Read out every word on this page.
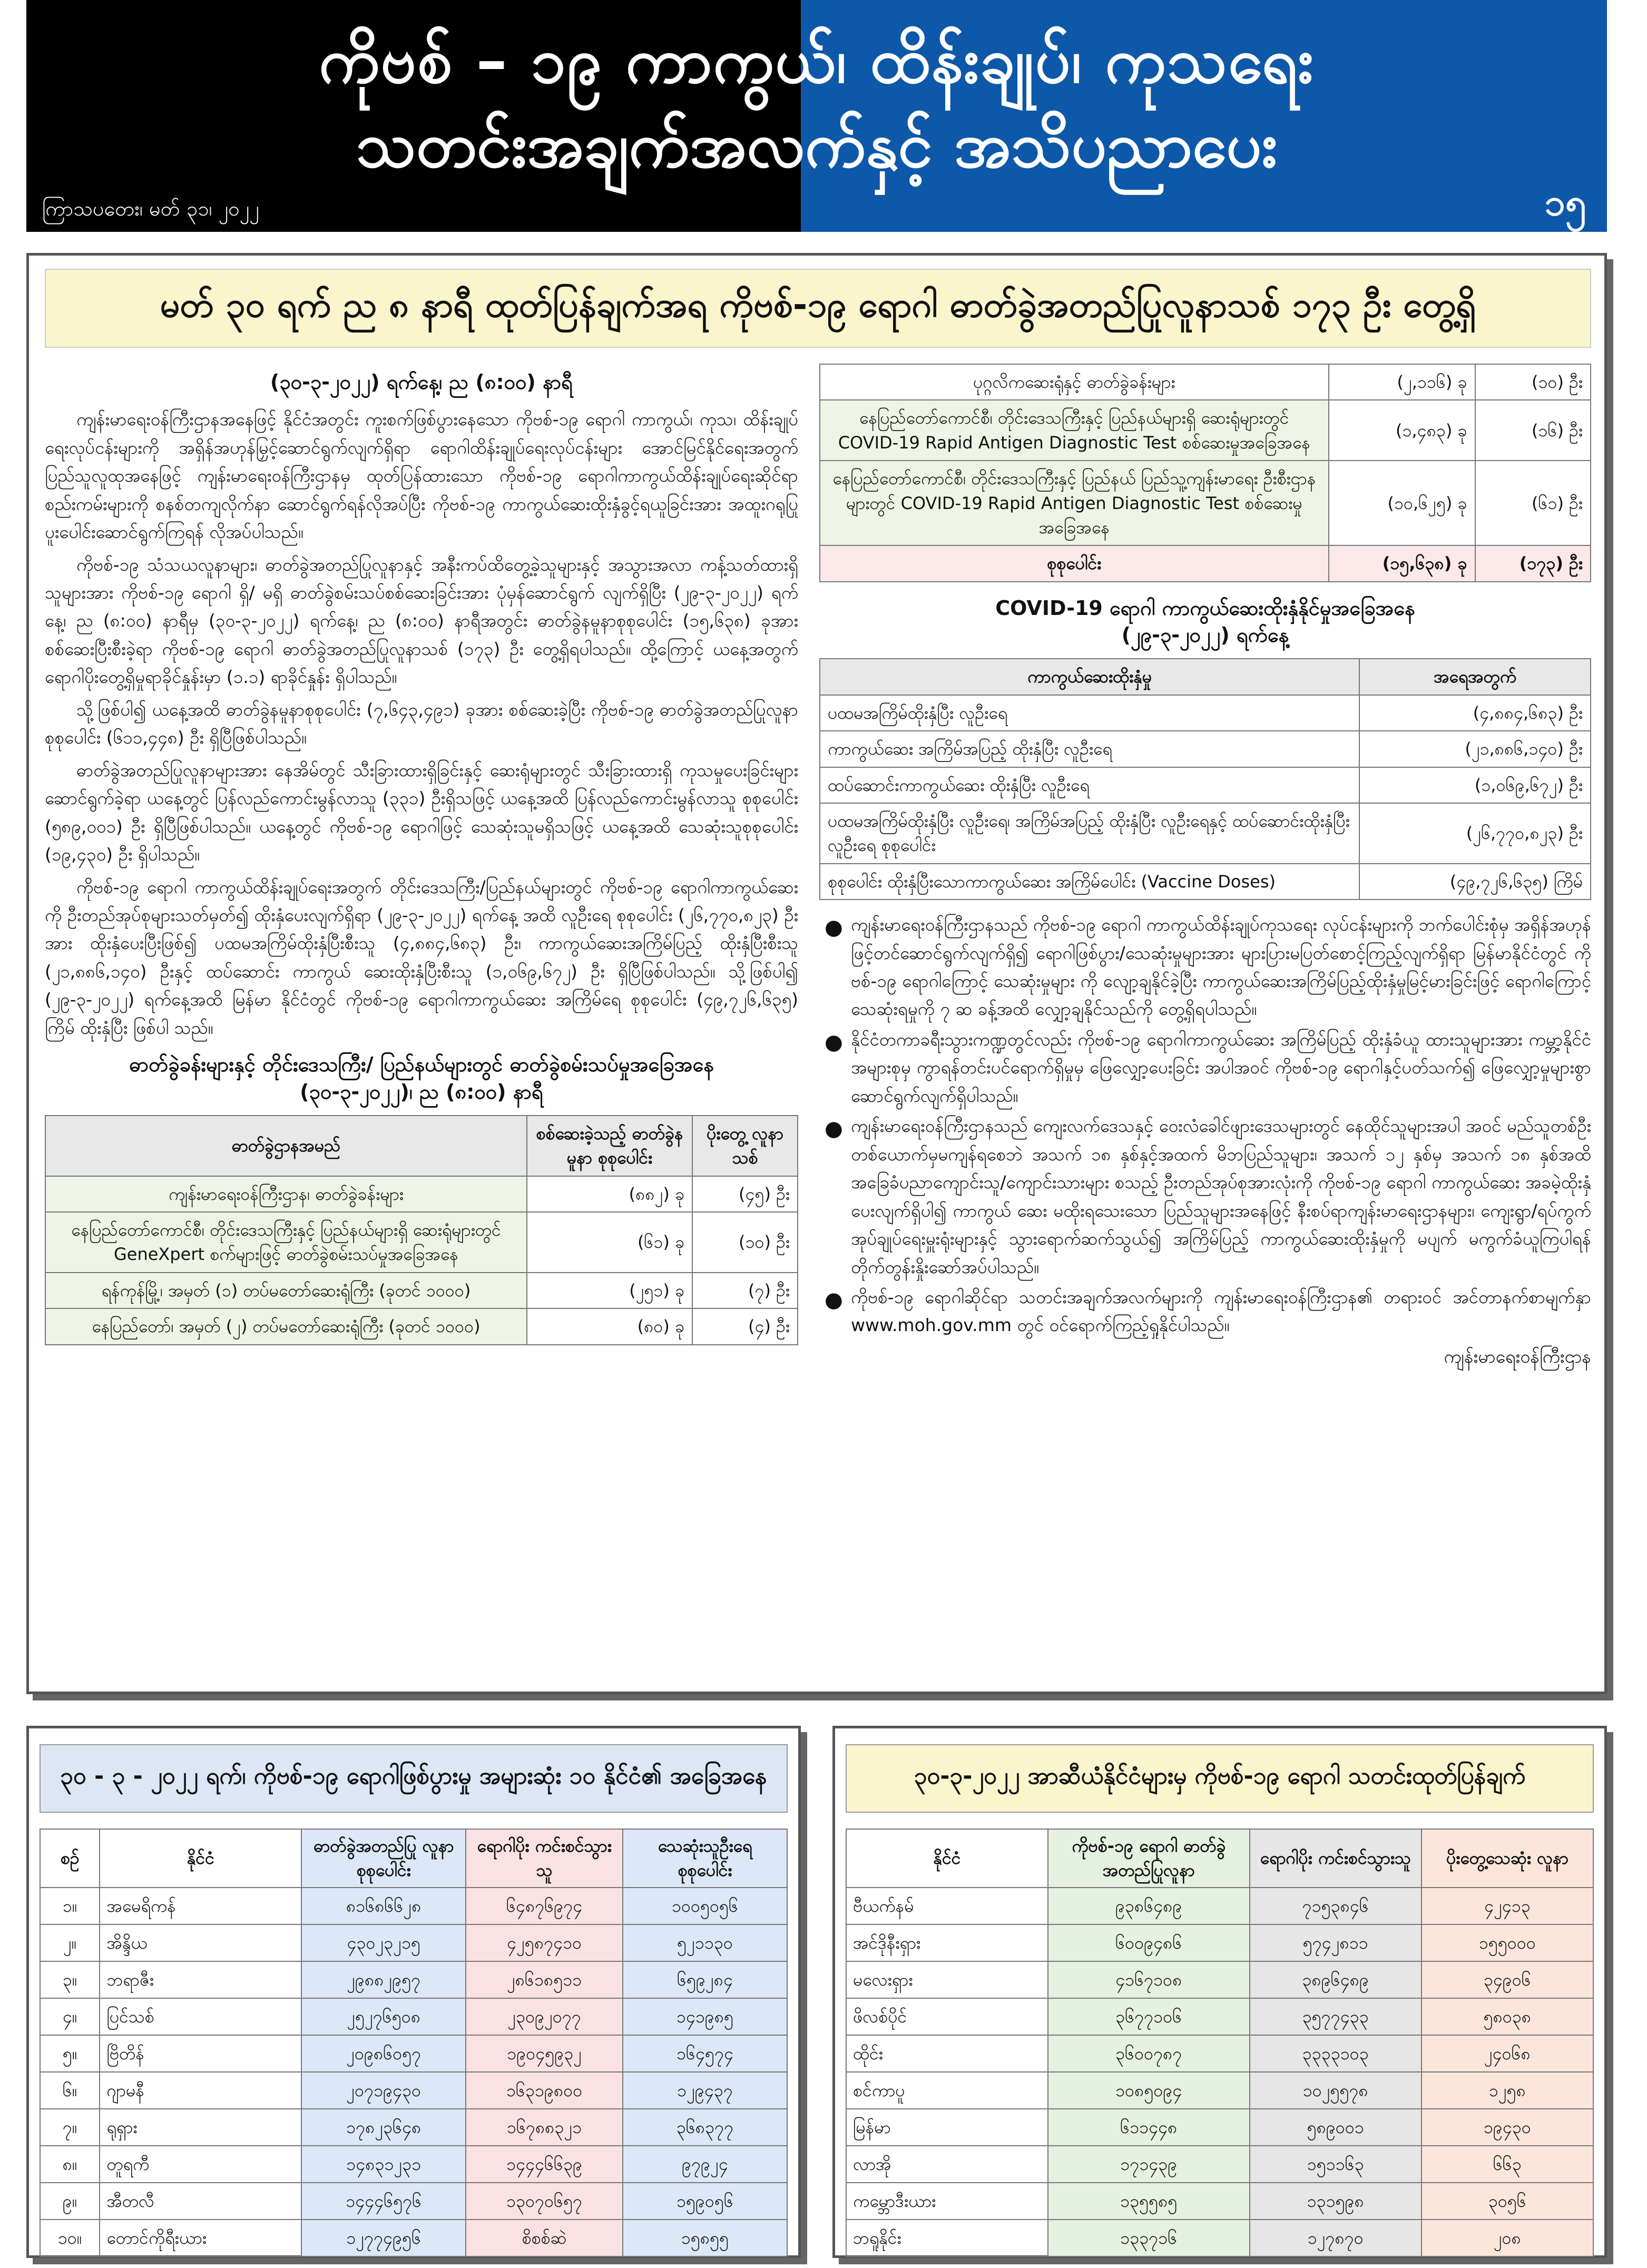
ကိုဗစ် – ၁၉ ကာကွယ်၊ ထိန်းချုပ်၊ ကုသရေး
သတင်းအချက်အလက်နှင့် အသိပညာပေး
ကြာသပတေး၊ မတ် ၃၁၊ ၂၀၂၂	၁၅
မတ် ၃၀ ရက် ည ၈ နာရီ ထုတ်ပြန်ချက်အရ ကိုဗစ်-၁၉ ရောဂါ ဓာတ်ခွဲအတည်ပြုလူနာသစ် ၁၇၃ ဦး တွေ့ရှိ
(၃၀-၃-၂၀၂၂) ရက်နေ့၊ ည (၈:၀၀) နာရီ

ကျန်းမာရေးဝန်ကြီးဌာနအနေဖြင့် နိုင်ငံအတွင်း ကူးစက်ဖြစ်ပွားနေသော ကိုဗစ်-၁၉ ရောဂါ ကာကွယ်၊ ကုသ၊ ထိန်းချုပ်ရေးလုပ်ငန်းများကို အရှိန်အဟုန်မြှင့်ဆောင်ရွက်လျက်ရှိရာ ရောဂါထိန်းချုပ်ရေးလုပ်ငန်းများ အောင်မြင်နိုင်ရေးအတွက် ပြည်သူလူထုအနေဖြင့် ကျန်းမာရေးဝန်ကြီးဌာနမှ ထုတ်ပြန်ထားသော ကိုဗစ်-၁၉ ရောဂါကာကွယ်ထိန်းချုပ်ရေးဆိုင်ရာ စည်းကမ်းများကို စနစ်တကျလိုက်နာ ဆောင်ရွက်ရန်လိုအပ်ပြီး ကိုဗစ်-၁၉ ကာကွယ်ဆေးထိုးနှံခွင့်ရယူခြင်းအား အထူးဂရုပြု ပူးပေါင်းဆောင်ရွက်ကြရန် လိုအပ်ပါသည်။

ကိုဗစ်-၁၉ သံသယလူနာများ၊ ဓာတ်ခွဲအတည်ပြုလူနာနှင့် အနီးကပ်ထိတွေ့ခဲ့သူများနှင့် အသွားအလာ ကန့်သတ်ထားရှိသူများအား ကိုဗစ်-၁၉ ရောဂါ ရှိ/ မရှိ ဓာတ်ခွဲစမ်းသပ်စစ်ဆေးခြင်းအား ပုံမှန်ဆောင်ရွက် လျက်ရှိပြီး (၂၉-၃-၂၀၂၂) ရက်နေ့၊ ည (၈:၀၀) နာရီမှ (၃၀-၃-၂၀၂၂) ရက်နေ့၊ ည (၈:၀၀) နာရီအတွင်း ဓာတ်ခွဲနမူနာစုစုပေါင်း (၁၅,၆၃၈) ခုအား စစ်ဆေးပြီးစီးခဲ့ရာ ကိုဗစ်-၁၉ ရောဂါ ဓာတ်ခွဲအတည်ပြုလူနာသစ် (၁၇၃) ဦး တွေ့ရှိရပါသည်။ ထို့ကြောင့် ယနေ့အတွက် ရောဂါပိုးတွေ့ရှိမှုရာခိုင်နှုန်းမှာ (၁.၁) ရာခိုင်နှုန်း ရှိပါသည်။

သို့ဖြစ်ပါ၍ ယနေ့အထိ ဓာတ်ခွဲနမူနာစုစုပေါင်း (၇,၆၄၃,၄၉၁) ခုအား စစ်ဆေးခဲ့ပြီး ကိုဗစ်-၁၉ ဓာတ်ခွဲအတည်ပြုလူနာ စုစုပေါင်း (၆၁၁,၄၄၈) ဦး ရှိပြီဖြစ်ပါသည်။

ဓာတ်ခွဲအတည်ပြုလူနာများအား နေအိမ်တွင် သီးခြားထားရှိခြင်းနှင့် ဆေးရုံများတွင် သီးခြားထားရှိ ကုသမှုပေးခြင်းများ ဆောင်ရွက်ခဲ့ရာ ယနေ့တွင် ပြန်လည်ကောင်းမွန်လာသူ (၃၃၁) ဦးရှိသဖြင့် ယနေ့အထိ ပြန်လည်ကောင်းမွန်လာသူ စုစုပေါင်း (၅၈၉,၀၀၁) ဦး ရှိပြီဖြစ်ပါသည်။ ယနေ့တွင် ကိုဗစ်-၁၉ ရောဂါဖြင့် သေဆုံးသူမရှိသဖြင့် ယနေ့အထိ သေဆုံးသူစုစုပေါင်း (၁၉,၄၃၀) ဦး ရှိပါသည်။

ကိုဗစ်-၁၉ ရောဂါ ကာကွယ်ထိန်းချုပ်ရေးအတွက် တိုင်းဒေသကြီး/ပြည်နယ်များတွင် ကိုဗစ်-၁၉ ရောဂါကာကွယ်ဆေးကို ဦးတည်အုပ်စုများသတ်မှတ်၍ ထိုးနှံပေးလျက်ရှိရာ (၂၉-၃-၂၀၂၂) ရက်နေ့ အထိ လူဦးရေ စုစုပေါင်း (၂၆,၇၇၀,၈၂၃) ဦးအား ထိုးနှံပေးပြီးဖြစ်၍ ပထမအကြိမ်ထိုးနှံပြီးစီးသူ (၄,၈၈၄,၆၈၃) ဦး၊ ကာကွယ်ဆေးအကြိမ်ပြည့် ထိုးနှံပြီးစီးသူ (၂၁,၈၈၆,၁၄၀) ဦးနှင့် ထပ်ဆောင်း ကာကွယ် ဆေးထိုးနှံပြီးစီးသူ (၁,၀၆၉,၆၇၂) ဦး ရှိပြီဖြစ်ပါသည်။ သို့ဖြစ်ပါ၍ (၂၉-၃-၂၀၂၂) ရက်နေ့အထိ မြန်မာ နိုင်ငံတွင် ကိုဗစ်-၁၉ ရောဂါကာကွယ်ဆေး အကြိမ်ရေ စုစုပေါင်း (၄၉,၇၂၆,၆၃၅) ကြိမ် ထိုးနှံပြီး ဖြစ်ပါ သည်။

ဓာတ်ခွဲခန်းများနှင့် တိုင်းဒေသကြီး/ ပြည်နယ်များတွင် ဓာတ်ခွဲစမ်းသပ်မှုအခြေအနေ
(၃၀-၃-၂၀၂၂)၊ ည (၈:၀၀) နာရီ
ဓာတ်ခွဲဌာနအမည်	စစ်ဆေးခဲ့သည့် ဓာတ်ခွဲနမူနာ စုစုပေါင်း	ပိုးတွေ့ လူနာသစ်
ကျန်းမာရေးဝန်ကြီးဌာန၊ ဓာတ်ခွဲခန်းများ	(၈၈၂) ခု	(၄၅) ဦး
နေပြည်တော်ကောင်စီ၊ တိုင်းဒေသကြီးနှင့် ပြည်နယ်များရှိ ဆေးရုံများတွင် GeneXpert စက်များဖြင့် ဓာတ်ခွဲစမ်းသပ်မှုအခြေအနေ	(၆၁) ခု	(၁၀) ဦး
ရန်ကုန်မြို့၊ အမှတ် (၁) တပ်မတော်ဆေးရုံကြီး (ခုတင် ၁၀၀၀)	(၂၅၁) ခု	(၇) ဦး
နေပြည်တော်၊ အမှတ် (၂) တပ်မတော်ဆေးရုံကြီး (ခုတင် ၁၀၀၀)	(၈၀) ခု	(၄) ဦး
ပုဂ္ဂလိကဆေးရုံနှင့် ဓာတ်ခွဲခန်းများ	(၂,၁၁၆) ခု	(၁၀) ဦး
နေပြည်တော်ကောင်စီ၊ တိုင်းဒေသကြီးနှင့် ပြည်နယ်များရှိ ဆေးရုံများတွင် COVID-19 Rapid Antigen Diagnostic Test စစ်ဆေးမှုအခြေအနေ	(၁,၄၈၃) ခု	(၁၆) ဦး
နေပြည်တော်ကောင်စီ၊ တိုင်းဒေသကြီးနှင့် ပြည်နယ် ပြည်သူ့ကျန်းမာရေး ဦးစီးဌာနများတွင် COVID-19 Rapid Antigen Diagnostic Test စစ်ဆေးမှုအခြေအနေ	(၁၀,၆၂၅) ခု	(၆၁) ဦး
စုစုပေါင်း	(၁၅,၆၃၈) ခု	(၁၇၃) ဦး
COVID-19 ရောဂါ ကာကွယ်ဆေးထိုးနှံနိုင်မှုအခြေအနေ
(၂၉-၃-၂၀၂၂) ရက်နေ့
ကာကွယ်ဆေးထိုးနှံမှု	အရေအတွက်
ပထမအကြိမ်ထိုးနှံပြီး လူဦးရေ	(၄,၈၈၄,၆၈၃) ဦး
ကာကွယ်ဆေး အကြိမ်အပြည့် ထိုးနှံပြီး လူဦးရေ	(၂၁,၈၈၆,၁၄၀) ဦး
ထပ်ဆောင်းကာကွယ်ဆေး ထိုးနှံပြီး လူဦးရေ	(၁,၀၆၉,၆၇၂) ဦး
ပထမအကြိမ်ထိုးနှံပြီး လူဦးရေ၊ အကြိမ်အပြည့် ထိုးနှံပြီး လူဦးရေနှင့် ထပ်ဆောင်းထိုးနှံပြီး လူဦးရေ စုစုပေါင်း	(၂၆,၇၇၀,၈၂၃) ဦး
စုစုပေါင်း ထိုးနှံပြီးသောကာကွယ်ဆေး အကြိမ်ပေါင်း (Vaccine Doses)	(၄၉,၇၂၆,၆၃၅) ကြိမ်
● ကျန်းမာရေးဝန်ကြီးဌာနသည် ကိုဗစ်-၁၉ ရောဂါ ကာကွယ်ထိန်းချုပ်ကုသရေး လုပ်ငန်းများကို ဘက်ပေါင်းစုံမှ အရှိန်အဟုန်ဖြင့်တင်ဆောင်ရွက်လျက်ရှိ၍ ရောဂါဖြစ်ပွား/သေဆုံးမှုများအား များပြားမပြတ်စောင့်ကြည့်လျက်ရှိရာ မြန်မာနိုင်ငံတွင် ကိုဗစ်-၁၉ ရောဂါကြောင့် သေဆုံးမှုများ ကို လျော့ချနိုင်ခဲ့ပြီး ကာကွယ်ဆေးအကြိမ်ပြည့်ထိုးနှံမှုမြင့်မားခြင်းဖြင့် ရောဂါကြောင့် သေဆုံးရမှုကို ၇ ဆ ခန့်အထိ လျှော့ချနိုင်သည်ကို တွေ့ရှိရပါသည်။
● နိုင်ငံတကာခရီးသွားကဏ္ဍတွင်လည်း ကိုဗစ်-၁၉ ရောဂါကာကွယ်ဆေး အကြိမ်ပြည့် ထိုးနှံခံယူ ထားသူများအား ကမ္ဘာ့နိုင်ငံအများစုမှ ကွာရန်တင်းပင်ရောက်ရှိမှုမှ ဖြေလျှော့ပေးခြင်း အပါအဝင် ကိုဗစ်-၁၉ ရောဂါနှင့်ပတ်သက်၍ ဖြေလျှော့မှုများစွာ ဆောင်ရွက်လျက်ရှိပါသည်။
● ကျန်းမာရေးဝန်ကြီးဌာနသည် ကျေးလက်ဒေသနှင့် ဝေးလံခေါင်ဖျားဒေသများတွင် နေထိုင်သူများအပါ အဝင် မည်သူတစ်ဦးတစ်ယောက်မှမကျန်ရစေဘဲ အသက် ၁၈ နှစ်နှင့်အထက် မိဘပြည်သူများ၊ အသက် ၁၂ နှစ်မှ အသက် ၁၈ နှစ်အထိ အခြေခံပညာကျောင်းသူ/ကျောင်းသားများ စသည့် ဦးတည်အုပ်စုအားလုံးကို ကိုဗစ်-၁၉ ရောဂါ ကာကွယ်ဆေး အခမဲ့ထိုးနှံပေးလျက်ရှိပါ၍ ကာကွယ် ဆေး မထိုးရသေးသော ပြည်သူများအနေဖြင့် နီးစပ်ရာကျန်းမာရေးဌာနများ၊ ကျေးရွာ/ရပ်ကွက် အုပ်ချုပ်ရေးမှူးရုံးများနှင့် သွားရောက်ဆက်သွယ်၍ အကြိမ်ပြည့် ကာကွယ်ဆေးထိုးနှံမှုကို မပျက် မကွက်ခံယူကြပါရန် တိုက်တွန်းနှိုးဆော်အပ်ပါသည်။
● ကိုဗစ်-၁၉ ရောဂါဆိုင်ရာ သတင်းအချက်အလက်များကို ကျန်းမာရေးဝန်ကြီးဌာန၏ တရားဝင် အင်တာနက်စာမျက်နှာ www.moh.gov.mm တွင် ဝင်ရောက်ကြည့်ရှုနိုင်ပါသည်။
ကျန်းမာရေးဝန်ကြီးဌာန
၃၀ - ၃ - ၂၀၂၂ ရက်၊ ကိုဗစ်-၁၉ ရောဂါဖြစ်ပွားမှု အများဆုံး ၁၀ နိုင်ငံ၏ အခြေအနေ
စဉ်	နိုင်ငံ	ဓာတ်ခွဲအတည်ပြု လူနာ စုစုပေါင်း	ရောဂါပိုး ကင်းစင်သွားသူ	သေဆုံးသူဦးရေ စုစုပေါင်း
၁။	အမေရိကန်	၈၁၆၈၆၆၂၈	၆၄၈၇၆၉၇၄	၁၀၀၅၀၅၆
၂။	အိန္ဒိယ	၄၃၀၂၃၂၁၅	၄၂၅၈၇၄၁၀	၅၂၁၁၃၀
၃။	ဘရာဇီး	၂၉၈၈၂၉၅၇	၂၈၆၁၈၅၁၁	၆၅၉၂၈၄
၄။	ပြင်သစ်	၂၅၂၇၆၅၀၈	၂၃၀၉၂၀၇၇	၁၄၁၉၈၅
၅။	ဗြိတိန်	၂၀၉၈၆၀၅၇	၁၉၀၄၅၉၃၂	၁၆၄၅၇၄
၆။	ဂျာမနီ	၂၀၇၁၉၄၃၀	၁၆၃၁၉၈၀၀	၁၂၉၄၃၇
၇။	ရုရှား	၁၇၈၂၃၆၄၈	၁၆၇၈၈၃၂၁	၃၆၈၃၇၇
၈။	တူရကီ	၁၄၈၃၁၂၃၁	၁၄၄၄၆၆၃၉	၉၇၉၂၄
၉။	အီတလီ	၁၄၄၄၆၅၇၆	၁၃၀၇၀၆၅၇	၁၅၉၀၅၆
၁၀။	တောင်ကိုရီးယား	၁၂၇၇၄၉၅၆	စိစစ်ဆဲ	၁၅၈၅၅
၃၀-၃-၂၀၂၂ အာဆီယံနိုင်ငံများမှ ကိုဗစ်-၁၉ ရောဂါ သတင်းထုတ်ပြန်ချက်
နိုင်ငံ	ကိုဗစ်-၁၉ ရောဂါ ဓာတ်ခွဲအတည်ပြုလူနာ	ရောဂါပိုး ကင်းစင်သွားသူ	ပိုးတွေ့သေဆုံး လူနာ
ဗီယက်နမ်	၉၃၈၆၄၈၉	၇၁၅၃၈၄၆	၄၂၄၁၃
အင်ဒိုနီးရှား	၆၀၀၉၄၈၆	၅၇၄၂၈၁၁	၁၅၅၀၀၀
မလေးရှား	၄၁၆၇၁၀၈	၃၈၉၆၄၈၉	၃၄၉၀၆
ဖိလစ်ပိုင်	၃၆၇၇၁၀၆	၃၅၇၇၄၃၃	၅၈၀၃၈
ထိုင်း	၃၆၀၀၇၈၇	၃၃၃၃၁၀၃	၂၄၀၆၈
စင်ကာပူ	၁၀၈၅၀၉၄	၁၀၂၅၅၇၈	၁၂၅၈
မြန်မာ	၆၁၁၄၄၈	၅၈၉၀၀၁	၁၉၄၃၀
လာအို	၁၇၁၄၃၉	၁၅၁၁၆၃	၆၆၃
ကမ္ဘောဒီးယား	၁၃၅၅၈၅	၁၃၁၅၉၈	၃၀၅၆
ဘရူနိုင်း	၁၃၃၇၁၆	၁၂၇၈၇၀	၂၀၈
